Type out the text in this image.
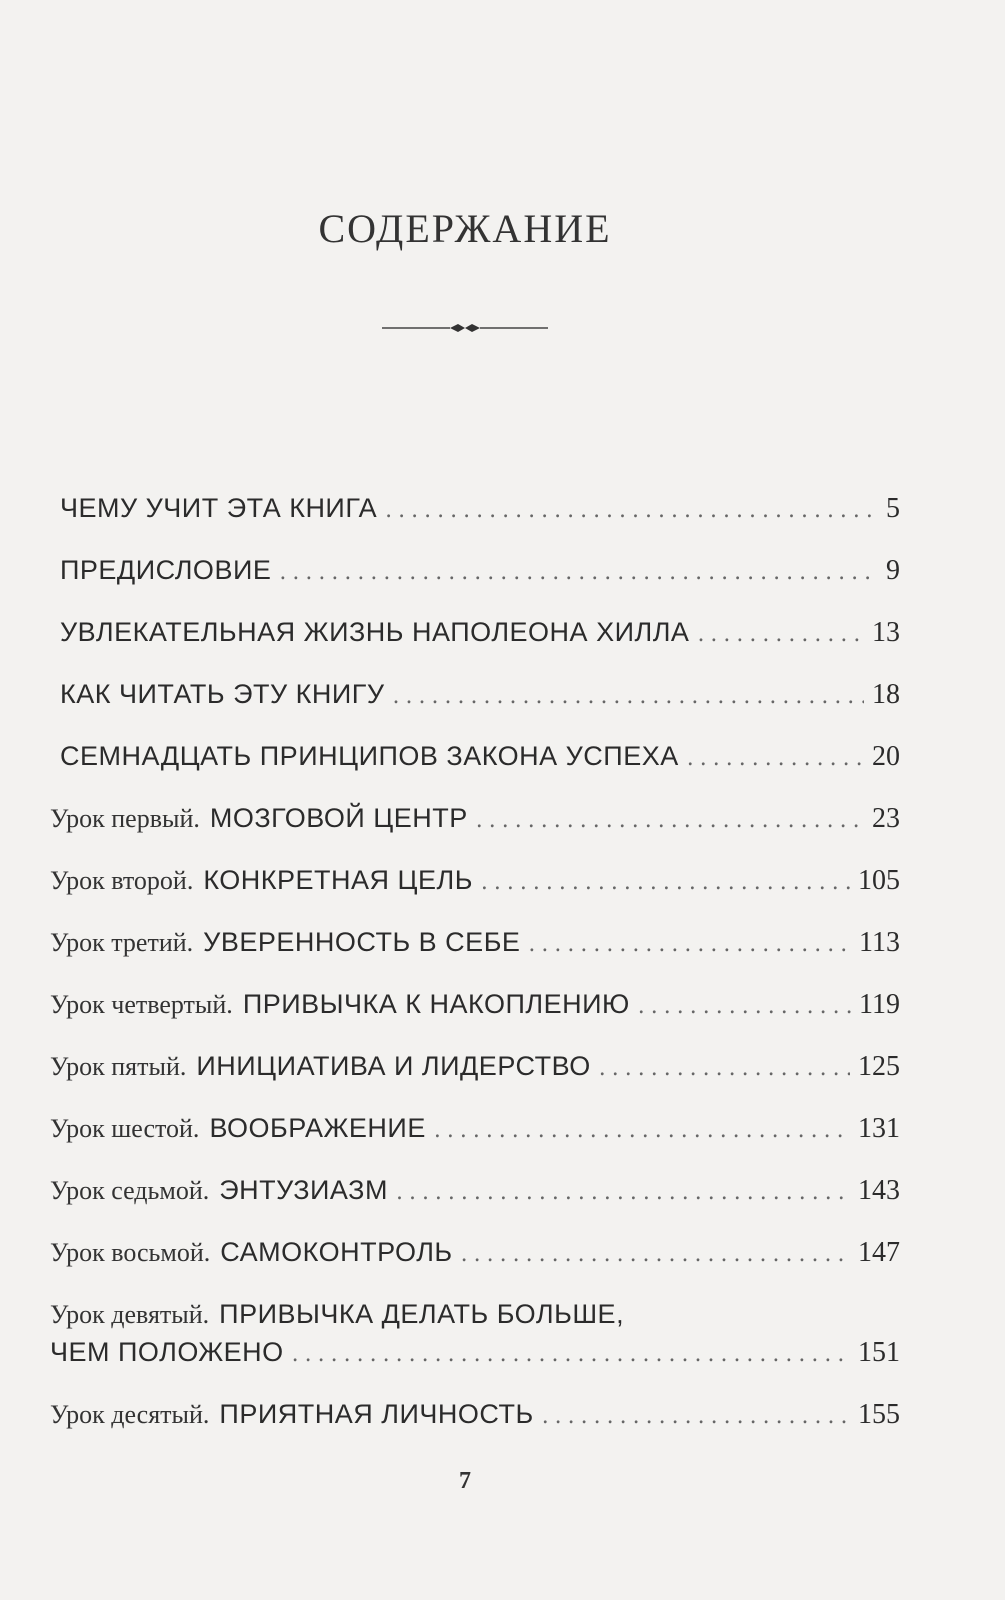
СОДЕРЖАНИЕ
ЧЕМУ УЧИТ ЭТА КНИГА .....	5
ПРЕДИСЛОВИЕ .....	9
УВЛЕКАТЕЛЬНАЯ ЖИЗНЬ НАПОЛЕОНА ХИЛЛА .....	13
КАК ЧИТАТЬ ЭТУ КНИГУ .....	18
СЕМНАДЦАТЬ ПРИНЦИПОВ ЗАКОНА УСПЕХА .....	20
Урок первый. МОЗГОВОЙ ЦЕНТР .....	23
Урок второй. КОНКРЕТНАЯ ЦЕЛЬ .....	105
Урок третий. УВЕРЕННОСТЬ В СЕБЕ .....	113
Урок четвертый. ПРИВЫЧКА К НАКОПЛЕНИЮ .....	119
Урок пятый. ИНИЦИАТИВА И ЛИДЕРСТВО .....	125
Урок шестой. ВООБРАЖЕНИЕ .....	131
Урок седьмой. ЭНТУЗИАЗМ .....	143
Урок восьмой. САМОКОНТРОЛЬ .....	147
Урок девятый. ПРИВЫЧКА ДЕЛАТЬ БОЛЬШЕ,
ЧЕМ ПОЛОЖЕНО .....	151
Урок десятый. ПРИЯТНАЯ ЛИЧНОСТЬ .....	155
7
